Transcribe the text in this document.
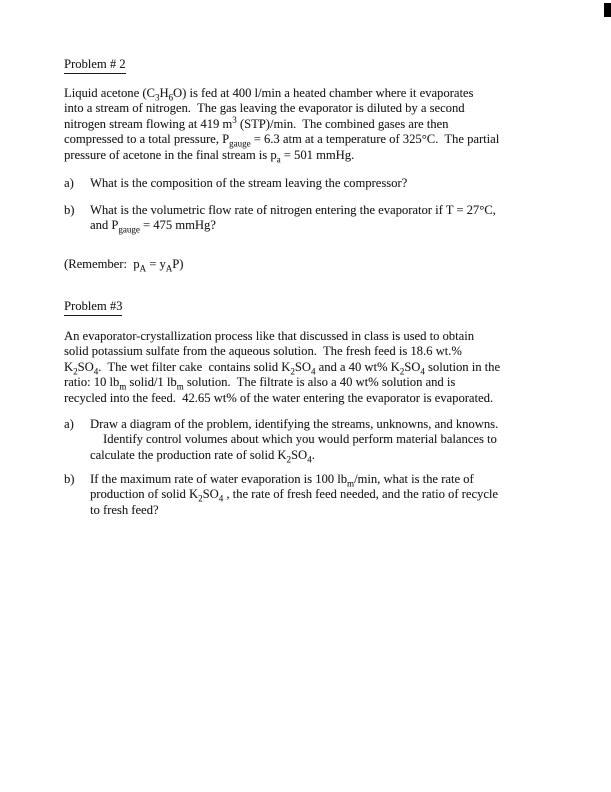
Problem # 2
Liquid acetone $(C_3H_6O)$ is fed at 400 l/min a heated chamber where it evaporates
into a stream of nitrogen.  The gas leaving the evaporator is diluted by a second
nitrogen stream flowing at 419 $m^3$ (STP)/min.  The combined gases are then
compressed to a total pressure, $P_{gauge} = 6.3$ atm at a temperature of 325°C.  The partial
pressure of acetone in the final stream is $p_a = 501$ mmHg.
a)	What is the composition of the stream leaving the compressor?
b)	What is the volumetric flow rate of nitrogen entering the evaporator if T = 27°C,
and $P_{gauge} = 475$ mmHg?
(Remember:  $p_A = y_AP$)
Problem #3
An evaporator-crystallization process like that discussed in class is used to obtain
solid potassium sulfate from the aqueous solution.  The fresh feed is 18.6 wt.%
$K_2SO_4$.  The wet filter cake  contains solid $K_2SO_4$ and a 40 wt% $K_2SO_4$ solution in the
ratio: 10 $lb_m$ solid/1 $lb_m$ solution.  The filtrate is also a 40 wt% solution and is
recycled into the feed.  42.65 wt% of the water entering the evaporator is evaporated.
a)	Draw a diagram of the problem, identifying the streams, unknowns, and knowns.
Identify control volumes about which you would perform material balances to
calculate the production rate of solid $K_2SO_4$.
b)	If the maximum rate of water evaporation is 100 $lb_m/\min$, what is the rate of
production of solid $K_2SO_4$ , the rate of fresh feed needed, and the ratio of recycle
to fresh feed?
